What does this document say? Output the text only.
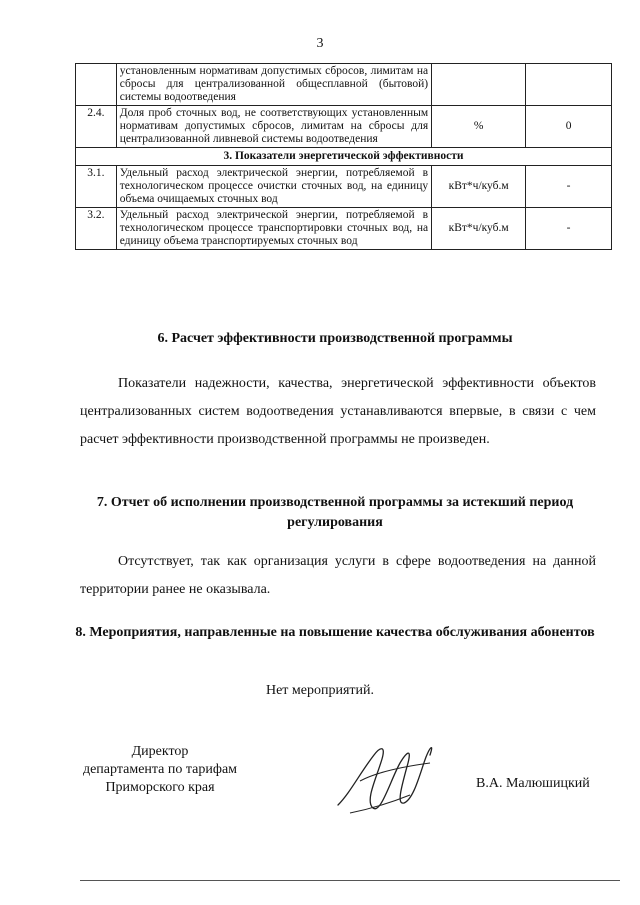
3
	установленным нормативам допустимых сбросов, лимитам на сбросы для централизованной общесплавной (бытовой) системы водоотведения		
2.4.	Доля проб сточных вод, не соответствующих установленным нормативам допустимых сбросов, лимитам на сбросы для централизованной ливневой системы водоотведения	%	0
3. Показатели энергетической эффективности			
3.1.	Удельный расход электрической энергии, потребляемой в технологическом процессе очистки сточных вод, на единицу объема очищаемых сточных вод	кВт*ч/куб.м	-
3.2.	Удельный расход электрической энергии, потребляемой в технологическом процессе транспортировки сточных вод, на единицу объема транспортируемых сточных вод	кВт*ч/куб.м	-
6. Расчет эффективности производственной программы

Показатели надежности, качества, энергетической эффективности объектов централизованных систем водоотведения устанавливаются впервые, в связи с чем расчет эффективности производственной программы не произведен.

7. Отчет об исполнении производственной программы за истекший период регулирования

Отсутствует, так как организация услуги в сфере водоотведения на данной территории ранее не оказывала.

8. Мероприятия, направленные на повышение качества обслуживания абонентов
Нет мероприятий.
Директор
департамента по тарифам
Приморского края	В.А. Малюшицкий
